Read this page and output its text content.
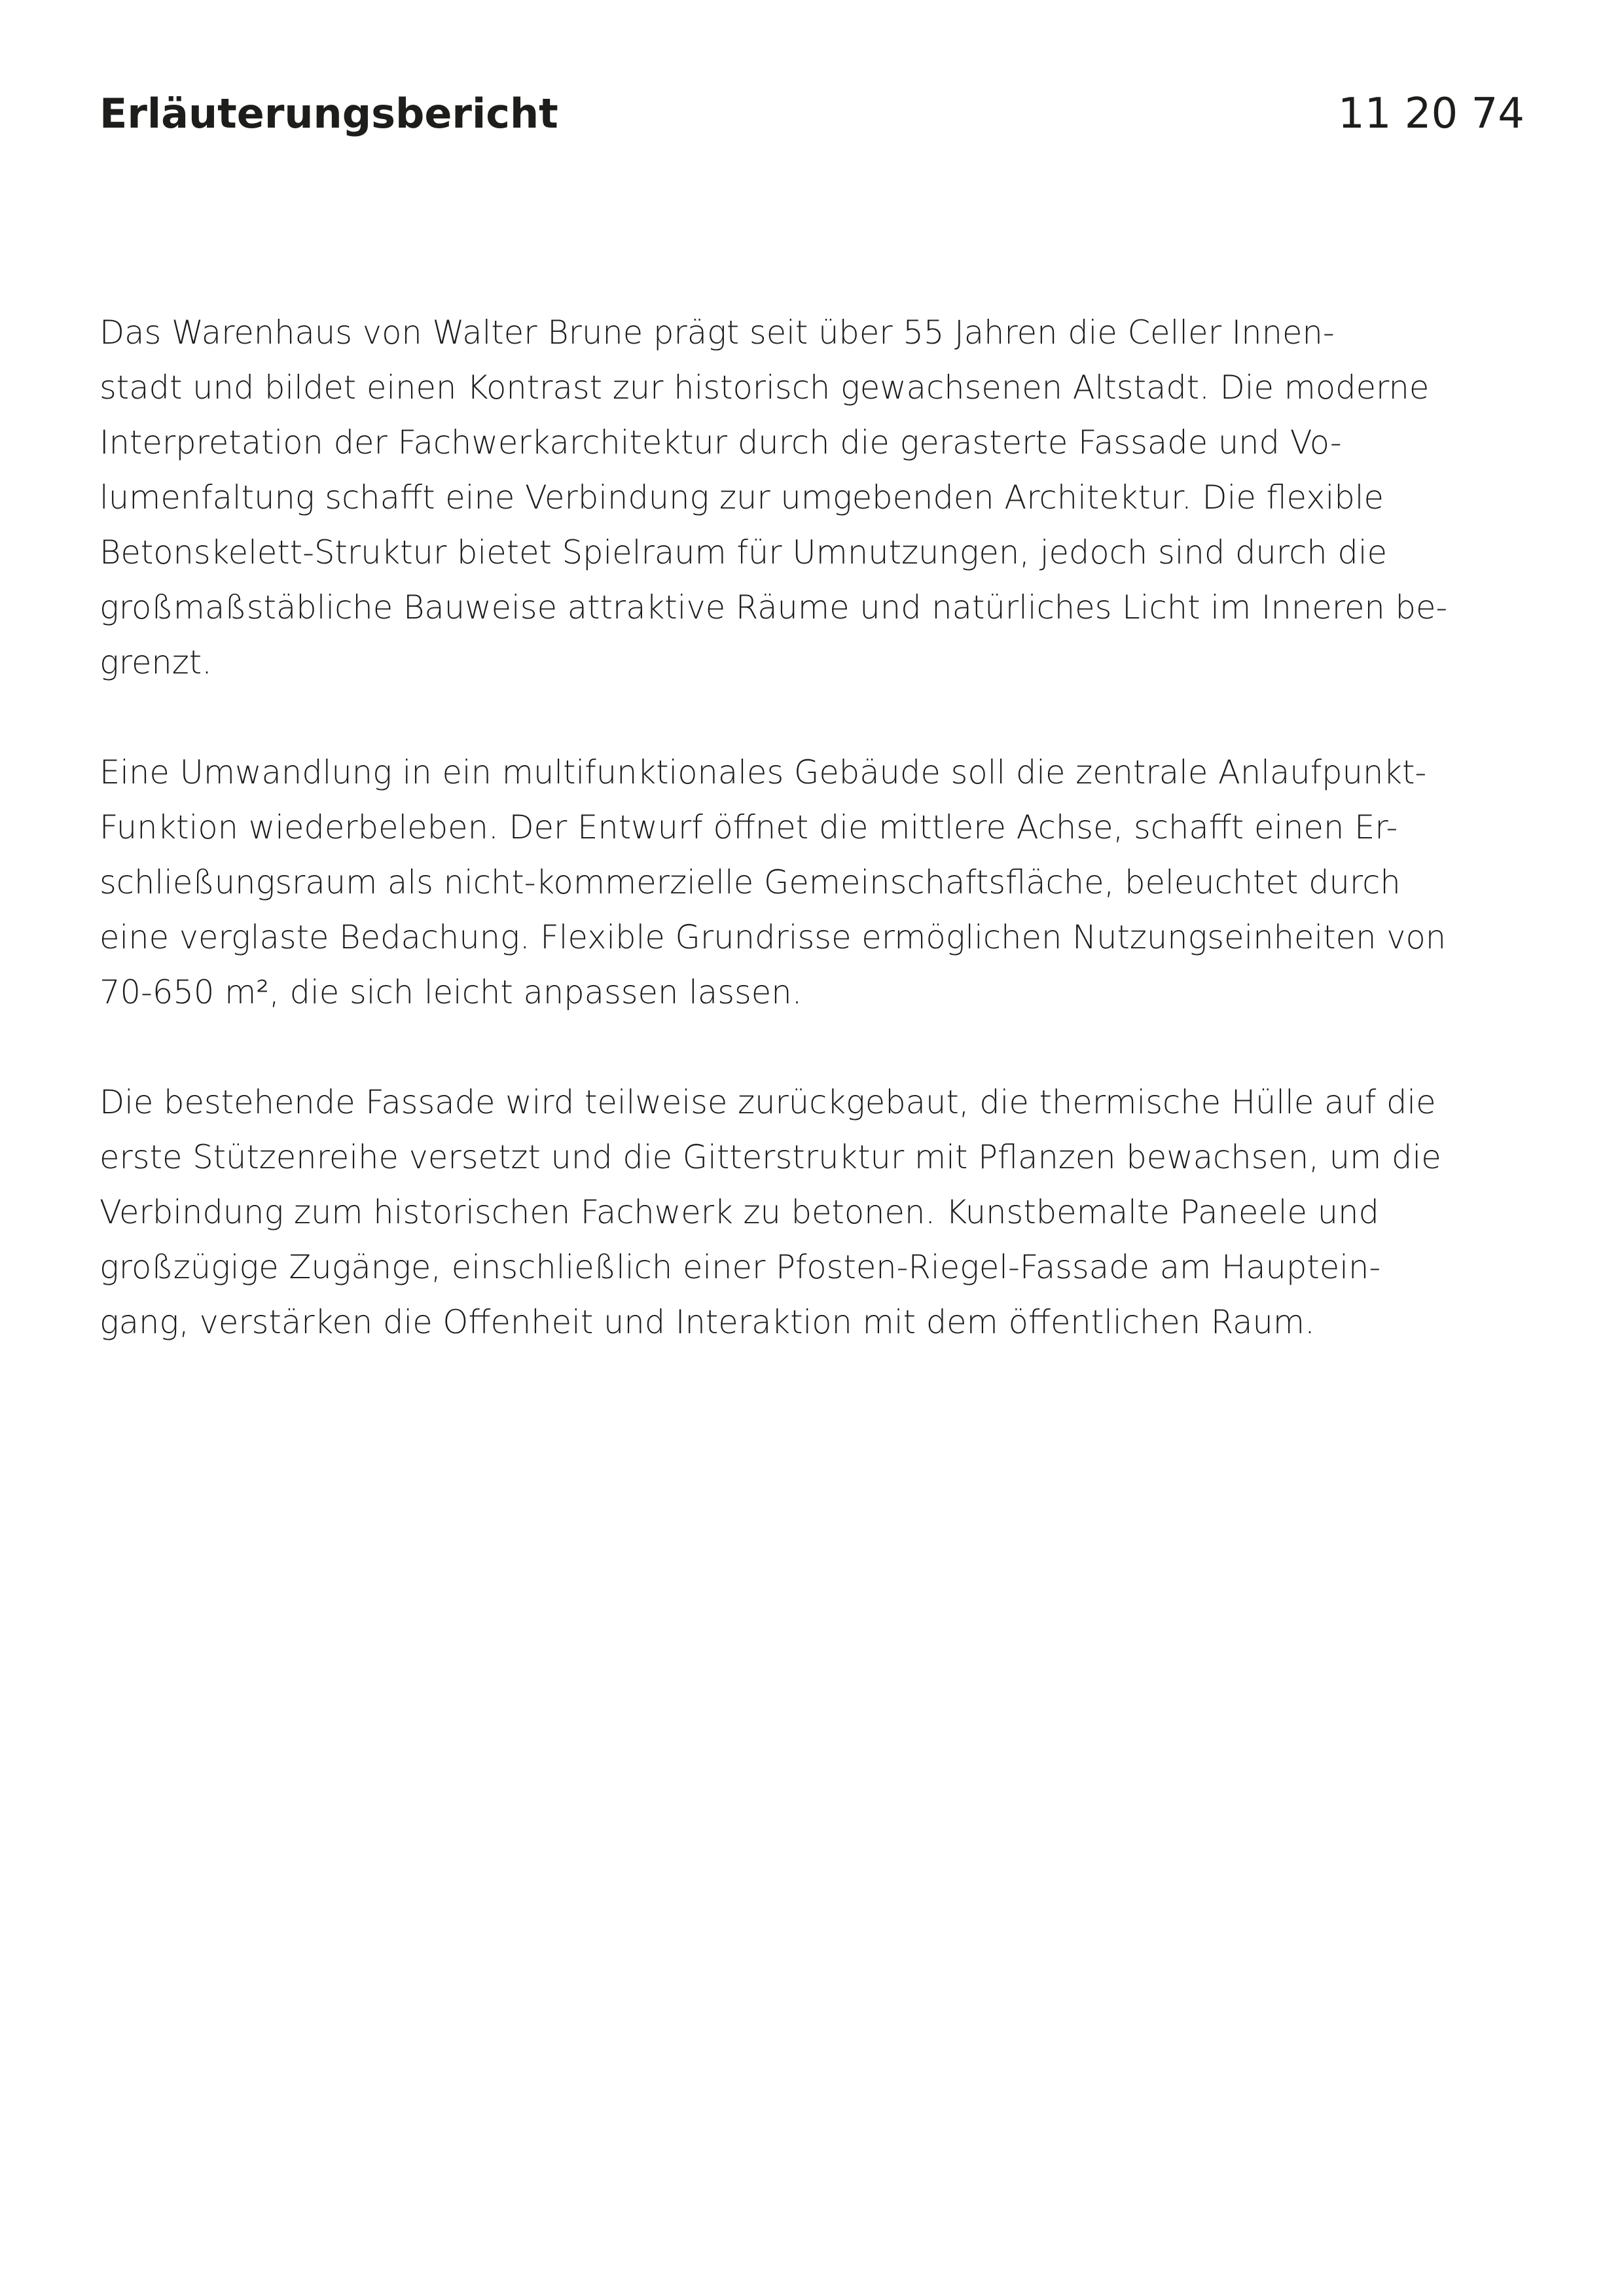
Erläuterungsbericht	11 20 74

Das Warenhaus von Walter Brune prägt seit über 55 Jahren die Celler Innen-
stadt und bildet einen Kontrast zur historisch gewachsenen Altstadt. Die moderne
Interpretation der Fachwerkarchitektur durch die gerasterte Fassade und Vo-
lumenfaltung schafft eine Verbindung zur umgebenden Architektur. Die flexible
Betonskelett-Struktur bietet Spielraum für Umnutzungen, jedoch sind durch die
großmaßstäbliche Bauweise attraktive Räume und natürliches Licht im Inneren be-
grenzt.

Eine Umwandlung in ein multifunktionales Gebäude soll die zentrale Anlaufpunkt-
Funktion wiederbeleben. Der Entwurf öffnet die mittlere Achse, schafft einen Er-
schließungsraum als nicht-kommerzielle Gemeinschaftsfläche, beleuchtet durch
eine verglaste Bedachung. Flexible Grundrisse ermöglichen Nutzungseinheiten von
70-650 m², die sich leicht anpassen lassen.

Die bestehende Fassade wird teilweise zurückgebaut, die thermische Hülle auf die
erste Stützenreihe versetzt und die Gitterstruktur mit Pflanzen bewachsen, um die
Verbindung zum historischen Fachwerk zu betonen. Kunstbemalte Paneele und
großzügige Zugänge, einschließlich einer Pfosten-Riegel-Fassade am Hauptein-
gang, verstärken die Offenheit und Interaktion mit dem öffentlichen Raum.
